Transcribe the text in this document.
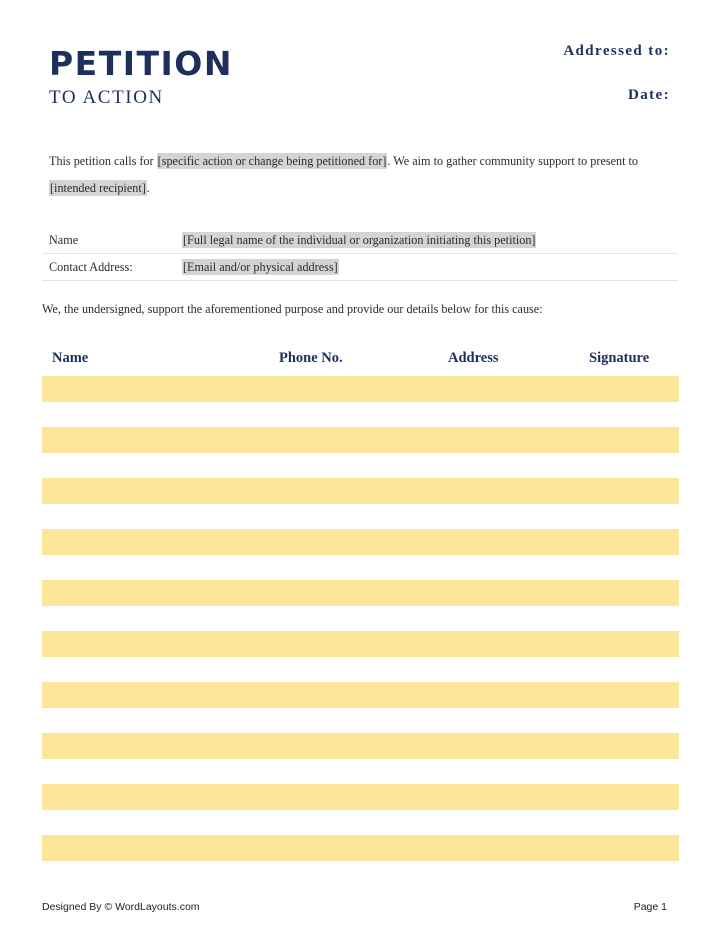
PETITION
TO ACTION
Addressed to:
Date:
This petition calls for [specific action or change being petitioned for]. We aim to gather community support to present to [intended recipient].
Name	[Full legal name of the individual or organization initiating this petition]
Contact Address:	[Email and/or physical address]
We, the undersigned, support the aforementioned purpose and provide our details below for this cause:
Name	Phone No.	Address	Signature
Designed By © WordLayouts.com	Page 1
